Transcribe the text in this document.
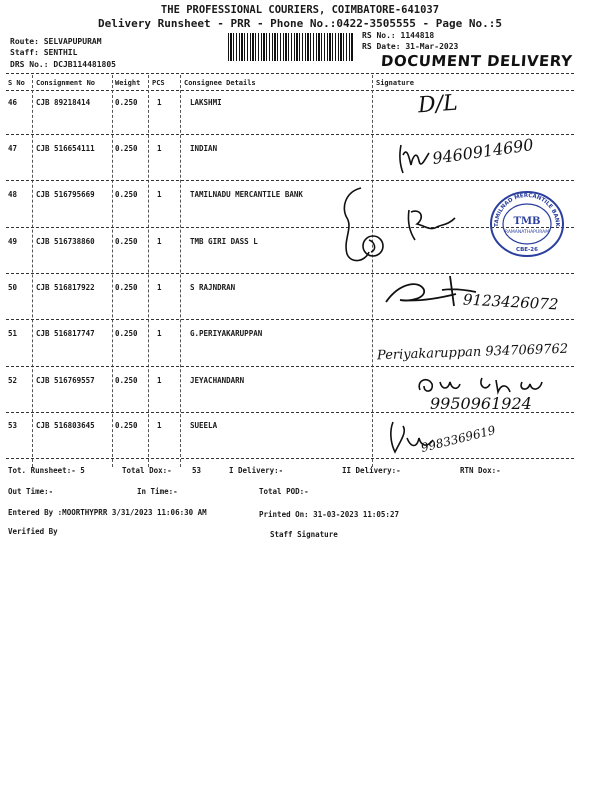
THE PROFESSIONAL COURIERS, COIMBATORE-641037
Delivery Runsheet - PRR - Phone No.:0422-3505555 - Page No.:5
Route: SELVAPUPURAM
Staff: SENTHIL
DRS No.: DCJB114481805
RS No.: 1144818
RS Date: 31-Mar-2023
DOCUMENT DELIVERY
S No Consignment No	Weight PCS	Consignee Details	Signature
46	CJB 89218414	0.250	1	LAKSHMI
47	CJB 516654111	0.250	1	INDIAN
48	CJB 516795669	0.250	1	TAMILNADU MERCANTILE BANK
49	CJB 516738860	0.250	1	TMB GIRI DASS L
50	CJB 516817922	0.250	1	S RAJNDRAN
51	CJB 516817747	0.250	1	G.PERIYAKARUPPAN
52	CJB 516769557	0.250	1	JEYACHANDARN
53	CJB 516803645	0.250	1	SUEELA
D/L
9460914690
TAMILNAD MERCANTILE BANK
TMB
RAMANATHAPURAM
CBE-26
9123426072
Periyakaruppan 9347069762
9950961924
9983369619
Tot. Runsheet:- 5	Total Dox:-	53	I Delivery:-	II Delivery:-	RTN Dox:-
Out Time:-	In Time:-	Total POD:-
Entered By :MOORTHYPRR 3/31/2023 11:06:30 AM	Printed On: 31-03-2023 11:05:27
Verified By	Staff Signature
